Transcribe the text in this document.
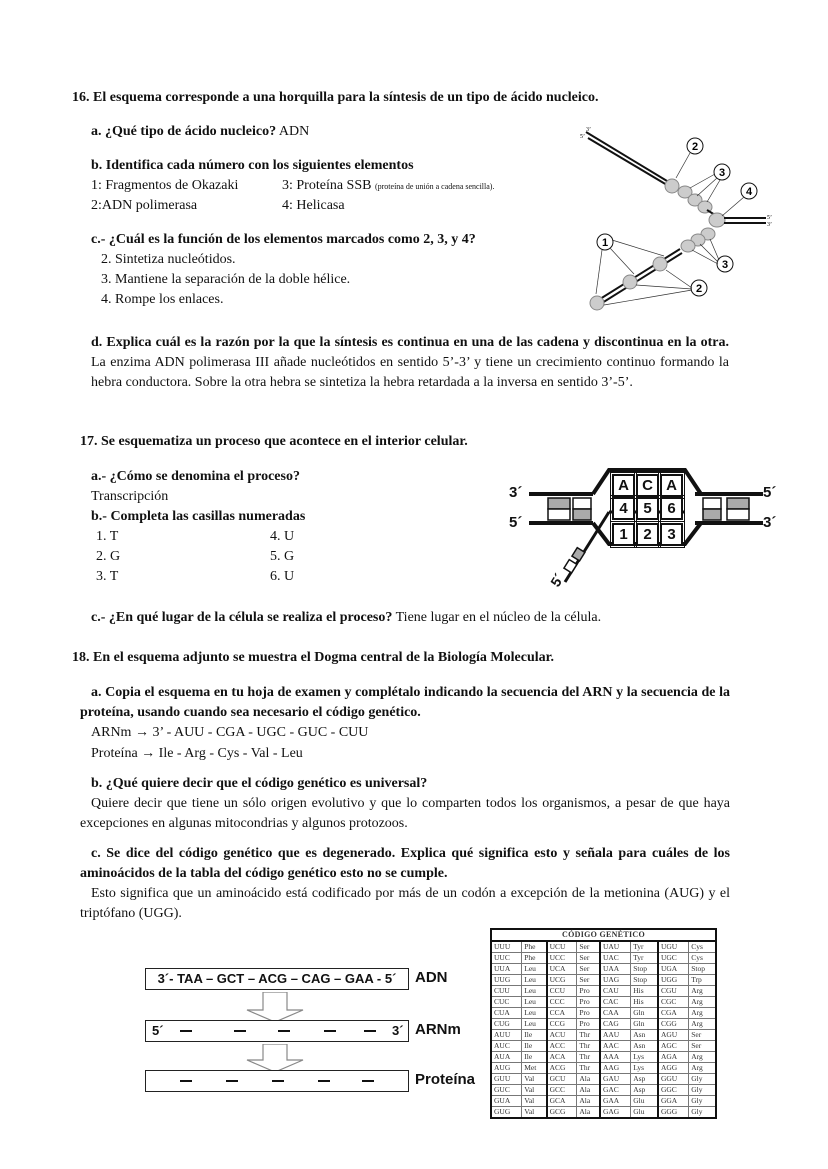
16. El esquema corresponde a una horquilla para la síntesis de un tipo de ácido nucleico.
a. ¿Qué tipo de ácido nucleico? ADN
b. Identifica cada número con los siguientes elementos
1: Fragmentos de Okazaki	3: Proteína SSB (proteína de unión a cadena sencilla).
2:ADN polimerasa	4: Helicasa
c.- ¿Cuál es la función de los elementos marcados como 2, 3, y 4?
2. Sintetiza nucleótidos.
3. Mantiene la separación de la doble hélice.
4. Rompe los enlaces.
5’
3’
5’
3’
2
3
4
1
3
2
d. Explica cuál es la razón por la que la síntesis es continua en una de las cadena y discontinua en la otra. La enzima ADN polimerasa III añade nucleótidos en sentido 5’-3’ y tiene un crecimiento continuo formando la hebra conductora. Sobre la otra hebra se sintetiza la hebra retardada a la inversa en sentido 3’-5’.
17. Se esquematiza un proceso que acontece en el interior celular.
a.- ¿Cómo se denomina el proceso?
Transcripción
b.- Completa las casillas numeradas
1. T
2. G
3. T
4. U
5. G
6. U
A C A
4	5	6
1	2	3
3´
5´
5´
3´
5´
c.- ¿En qué lugar de la célula se realiza el proceso? Tiene lugar en el núcleo de la célula.
18. En el esquema adjunto se muestra el Dogma central de la Biología Molecular.
a. Copia el esquema en tu hoja de examen y complétalo indicando la secuencia del ARN y la secuencia de la proteína, usando cuando sea necesario el código genético.
ARNm → 3’ - AUU - CGA - UGC - GUC - CUU
Proteína → Ile - Arg - Cys - Val - Leu
b. ¿Qué quiere decir que el código genético es universal?
Quiere decir que tiene un sólo origen evolutivo y que lo comparten todos los organismos, a pesar de que haya excepciones en algunas mitocondrias y algunos protozoos.
c. Se dice del código genético que es degenerado. Explica qué significa esto y señala para cuáles de los aminoácidos de la tabla del código genético esto no se cumple.
Esto significa que un aminoácido está codificado por más de un codón a excepción de la metionina (AUG) y el triptófano (UGG).
3´- TAA – GCT – ACG – CAG – GAA - 5´	ADN
5´	3´ ARNm
Proteína
CÓDIGO GENÉTICO							
UUU	Phe	UCU	Ser	UAU	Tyr	UGU	Cys
UUC	Phe	UCC	Ser	UAC	Tyr	UGC	Cys
UUA	Leu	UCA	Ser	UAA	Stop	UGA	Stop
UUG	Leu	UCG	Ser	UAG	Stop	UGG	Trp
CUU	Leu	CCU	Pro	CAU	His	CGU	Arg
CUC	Leu	CCC	Pro	CAC	His	CGC	Arg
CUA	Leu	CCA	Pro	CAA	Gln	CGA	Arg
CUG	Leu	CCG	Pro	CAG	Gln	CGG	Arg
AUU	Ile	ACU	Thr	AAU	Asn	AGU	Ser
AUC	Ile	ACC	Thr	AAC	Asn	AGC	Ser
AUA	Ile	ACA	Thr	AAA	Lys	AGA	Arg
AUG	Met	ACG	Thr	AAG	Lys	AGG	Arg
GUU	Val	GCU	Ala	GAU	Asp	GGU	Gly
GUC	Val	GCC	Ala	GAC	Asp	GGC	Gly
GUA	Val	GCA	Ala	GAA	Glu	GGA	Gly
GUG	Val	GCG	Ala	GAG	Glu	GGG	Gly
